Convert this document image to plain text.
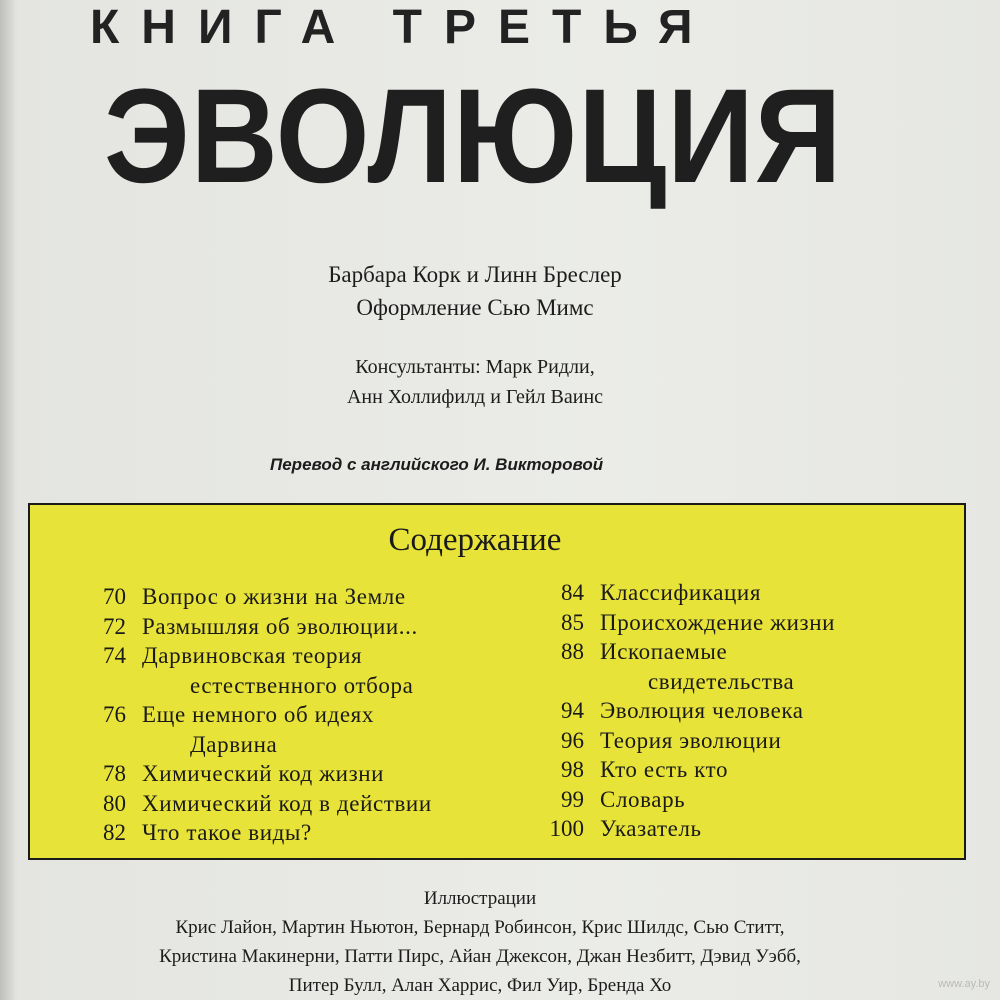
КНИГА ТРЕТЬЯ
ЭВОЛЮЦИЯ
Барбара Корк и Линн Бреслер
Оформление Сью Мимс
Консультанты: Марк Ридли,
Анн Холлифилд и Гейл Ваинс
Перевод с английского И. Викторовой
Содержание
70 Вопрос о жизни на Земле
72 Размышляя об эволюции...
74 Дарвиновская теория
естественного отбора
76 Еще немного об идеях
Дарвина
78 Химический код жизни
80 Химический код в действии
82 Что такое виды?
84 Классификация
85 Происхождение жизни
88 Ископаемые
свидетельства
94 Эволюция человека
96 Теория эволюции
98 Кто есть кто
99 Словарь
100 Указатель
Иллюстрации
Крис Лайон, Мартин Ньютон, Бернард Робинсон, Крис Шилдс, Сью Ститт,
Кристина Макинерни, Патти Пирс, Айан Джексон, Джан Незбитт, Дэвид Уэбб,
Питер Булл, Алан Харрис, Фил Уир, Бренда Хо	www.ay.by
